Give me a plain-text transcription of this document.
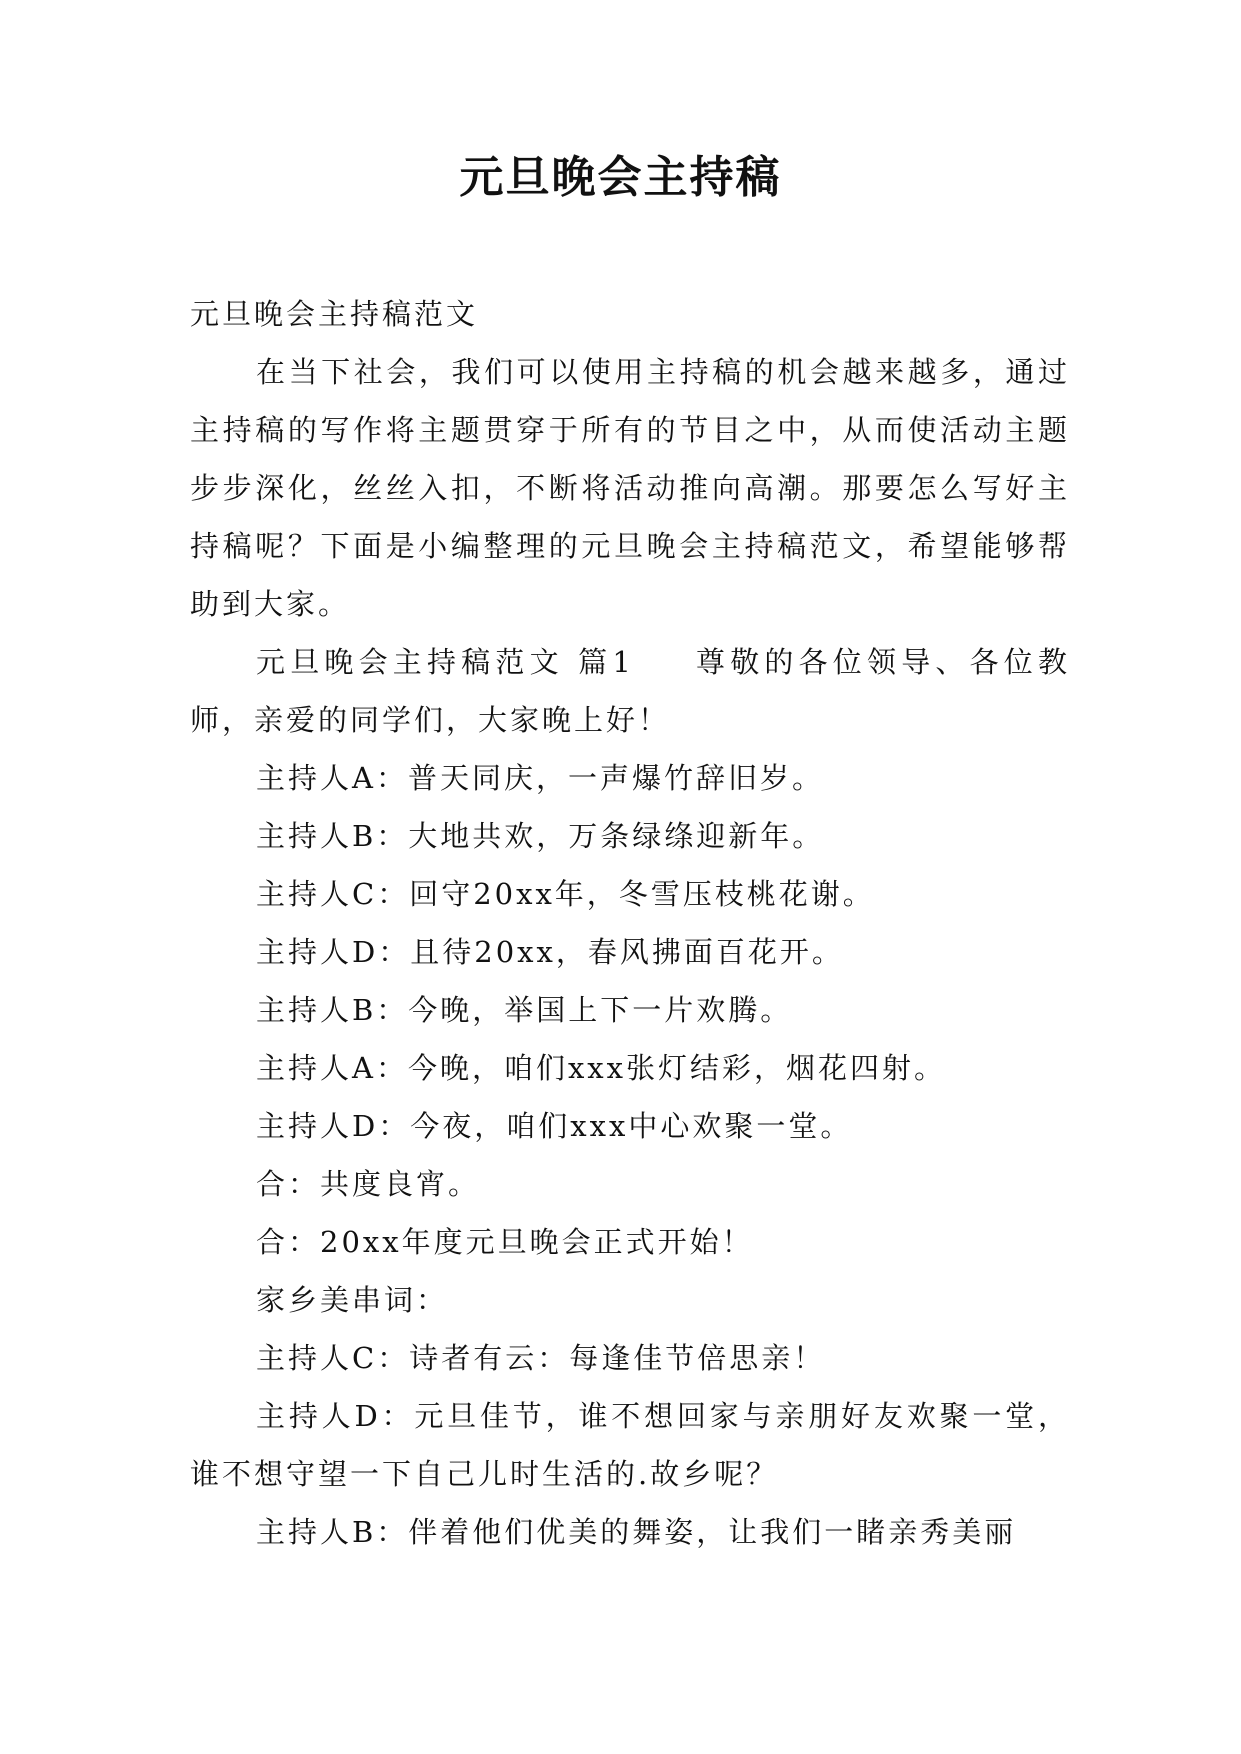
元旦晚会主持稿

元旦晚会主持稿范文

在当下社会，我们可以使用主持稿的机会越来越多，通过主持稿的写作将主题贯穿于所有的节目之中，从而使活动主题步步深化，丝丝入扣，不断将活动推向高潮。那要怎么写好主持稿呢？下面是小编整理的元旦晚会主持稿范文，希望能够帮助到大家。

元旦晚会主持稿范文 篇1 尊敬的各位领导、各位教师，亲爱的同学们，大家晚上好！

主持人A：普天同庆，一声爆竹辞旧岁。

主持人B：大地共欢，万条绿绦迎新年。

主持人C：回守20xx年，冬雪压枝桃花谢。

主持人D：且待20xx，春风拂面百花开。

主持人B：今晚，举国上下一片欢腾。

主持人A：今晚，咱们xxx张灯结彩，烟花四射。

主持人D：今夜，咱们xxx中心欢聚一堂。

合：共度良宵。

合：20xx年度元旦晚会正式开始！

家乡美串词：

主持人C：诗者有云：每逢佳节倍思亲！

主持人D：元旦佳节，谁不想回家与亲朋好友欢聚一堂，谁不想守望一下自己儿时生活的.故乡呢？

主持人B：伴着他们优美的舞姿，让我们一睹亲秀美丽
